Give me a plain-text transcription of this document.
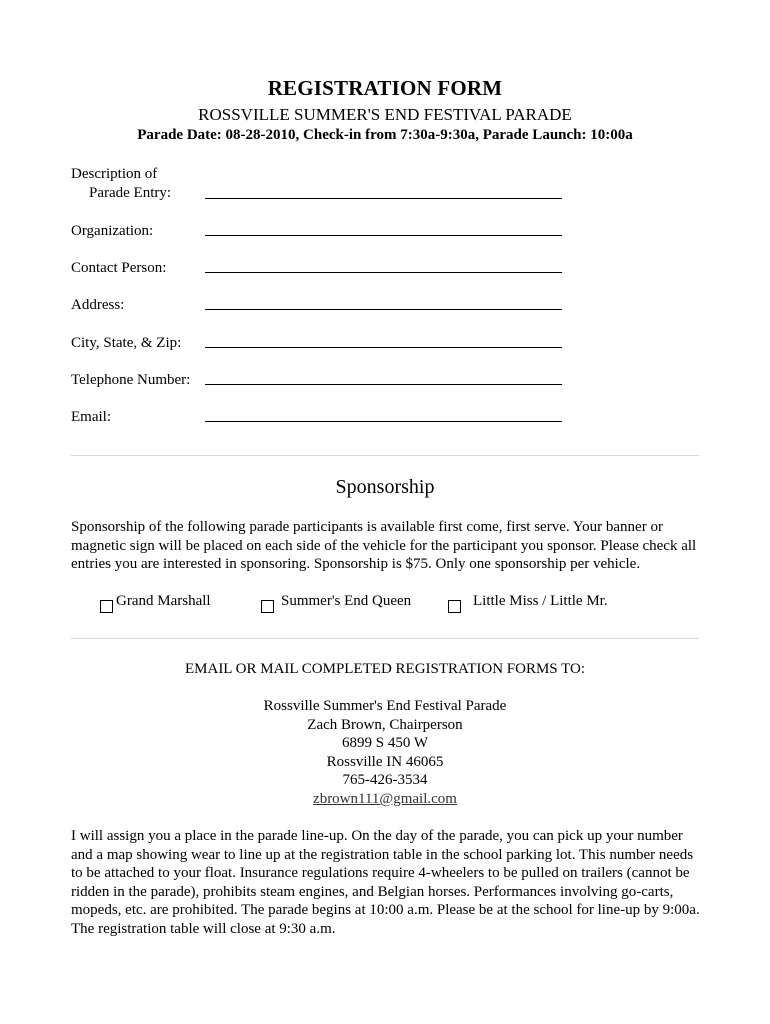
REGISTRATION FORM
ROSSVILLE SUMMER'S END FESTIVAL PARADE
Parade Date: 08-28-2010, Check-in from 7:30a-9:30a, Parade Launch: 10:00a
Description of
Parade Entry:
Organization:
Contact Person:
Address:
City, State, & Zip:
Telephone Number:
Email:
Sponsorship

Sponsorship of the following parade participants is available first come, first serve. Your banner or magnetic sign will be placed on each side of the vehicle for the participant you sponsor. Please check all entries you are interested in sponsoring. Sponsorship is $75. Only one sponsorship per vehicle.

Grand Marshall	Summer's End Queen	Little Miss / Little Mr.
EMAIL OR MAIL COMPLETED REGISTRATION FORMS TO:
Rossville Summer's End Festival Parade
Zach Brown, Chairperson
6899 S 450 W
Rossville IN 46065
765-426-3534
zbrown111@gmail.com

I will assign you a place in the parade line-up. On the day of the parade, you can pick up your number and a map showing wear to line up at the registration table in the school parking lot. This number needs to be attached to your float. Insurance regulations require 4-wheelers to be pulled on trailers (cannot be ridden in the parade), prohibits steam engines, and Belgian horses. Performances involving go-carts, mopeds, etc. are prohibited. The parade begins at 10:00 a.m. Please be at the school for line-up by 9:00a. The registration table will close at 9:30 a.m.
